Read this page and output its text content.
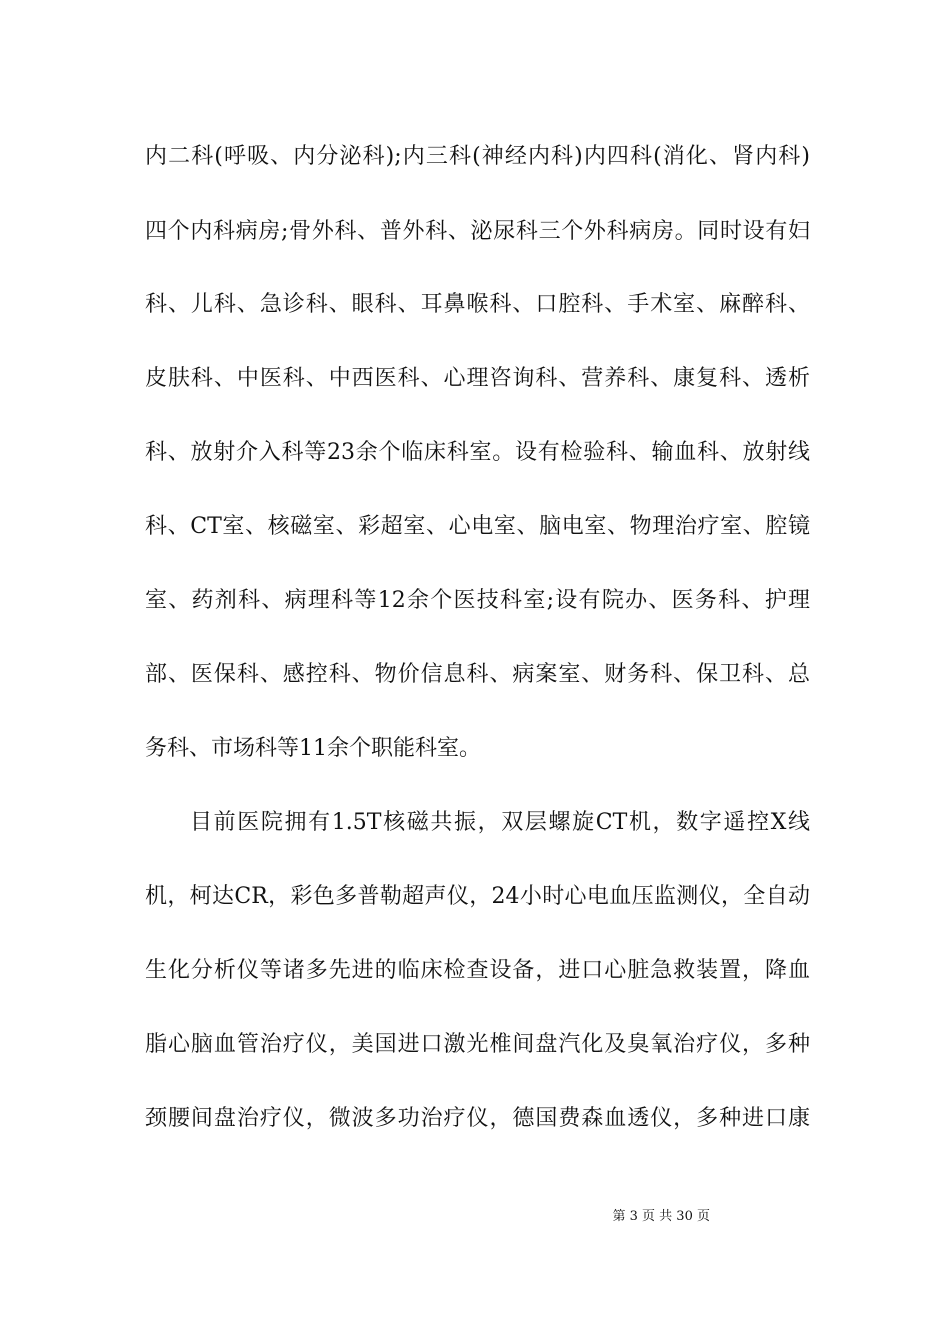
内二科(呼吸、内分泌科);内三科(神经内科)内四科(消化、肾内科)
四个内科病房;骨外科、普外科、泌尿科三个外科病房。同时设有妇
科、儿科、急诊科、眼科、耳鼻喉科、口腔科、手术室、麻醉科、
皮肤科、中医科、中西医科、心理咨询科、营养科、康复科、透析
科、放射介入科等23余个临床科室。设有检验科、输血科、放射线
科、CT室、核磁室、彩超室、心电室、脑电室、物理治疗室、腔镜
室、药剂科、病理科等12余个医技科室;设有院办、医务科、护理
部、医保科、感控科、物价信息科、病案室、财务科、保卫科、总
务科、市场科等11余个职能科室。
目前医院拥有1.5T核磁共振，双层螺旋CT机，数字遥控X线
机，柯达CR，彩色多普勒超声仪，24小时心电血压监测仪，全自动
生化分析仪等诸多先进的临床检查设备，进口心脏急救装置，降血
脂心脑血管治疗仪，美国进口激光椎间盘汽化及臭氧治疗仪，多种
颈腰间盘治疗仪，微波多功治疗仪，德国费森血透仪，多种进口康
第 3 页 共 30 页
